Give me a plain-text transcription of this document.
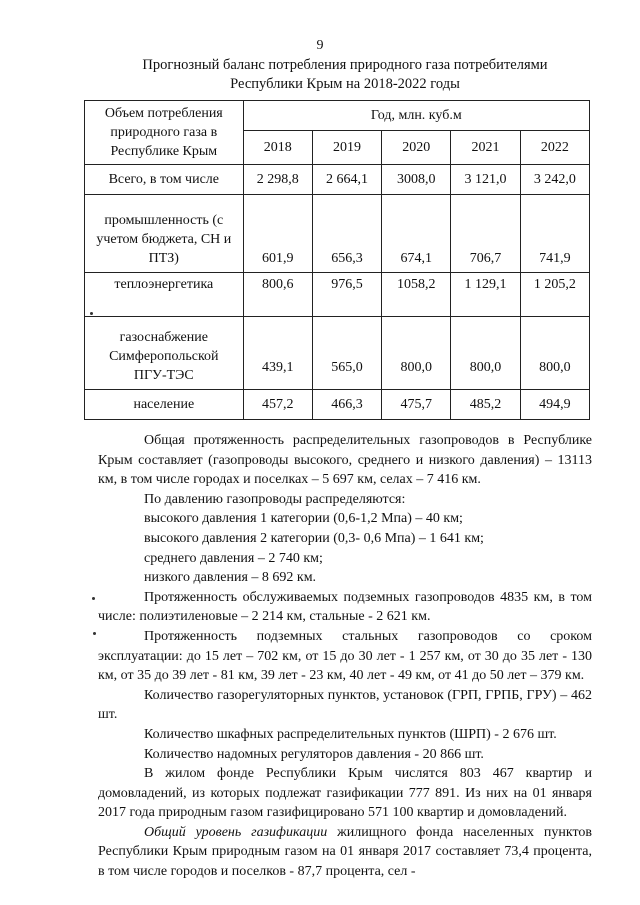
9
Прогнозный баланс потребления природного газа потребителями
Республики Крым на 2018-2022 годы
Объем потребления природного газа в Республике Крым	Год, млн. куб.м				
	2018	2019	2020	2021	2022
Всего, в том числе	2 298,8	2 664,1	3008,0	3 121,0	3 242,0
промышленность (с учетом бюджета, СН и ПТЗ)	601,9	656,3	674,1	706,7	741,9
теплоэнергетика	800,6	976,5	1058,2	1 129,1	1 205,2
газоснабжение Симферопольской ПГУ-ТЭС	439,1	565,0	800,0	800,0	800,0
население	457,2	466,3	475,7	485,2	494,9

Общая протяженность распределительных газопроводов в Республике Крым составляет (газопроводы высокого, среднего и низкого давления) – 13113 км, в том числе городах и поселках – 5 697 км, селах – 7 416 км.

По давлению газопроводы распределяются:

высокого давления 1 категории (0,6-1,2 Мпа) – 40 км;

высокого давления 2 категории (0,3- 0,6 Мпа) – 1 641 км;

среднего давления – 2 740 км;

низкого давления – 8 692 км.

Протяженность обслуживаемых подземных газопроводов 4835 км, в том числе: полиэтиленовые – 2 214 км, стальные - 2 621 км.

Протяженность подземных стальных газопроводов со сроком эксплуатации: до 15 лет – 702 км, от 15 до 30 лет - 1 257 км, от 30 до 35 лет - 130 км, от 35 до 39 лет - 81 км, 39 лет - 23 км, 40 лет - 49 км, от 41 до 50 лет – 379 км.

Количество газорегуляторных пунктов, установок (ГРП, ГРПБ, ГРУ) – 462 шт.

Количество шкафных распределительных пунктов (ШРП) - 2 676 шт.

Количество надомных регуляторов давления - 20 866 шт.

В жилом фонде Республики Крым числятся 803 467 квартир и домовладений, из которых подлежат газификации 777 891. Из них на 01 января 2017 года природным газом газифицировано 571 100 квартир и домовладений.

Общий уровень газификации жилищного фонда населенных пунктов Республики Крым природным газом на 01 января 2017 составляет 73,4 процента, в том числе городов и поселков - 87,7 процента, сел -
